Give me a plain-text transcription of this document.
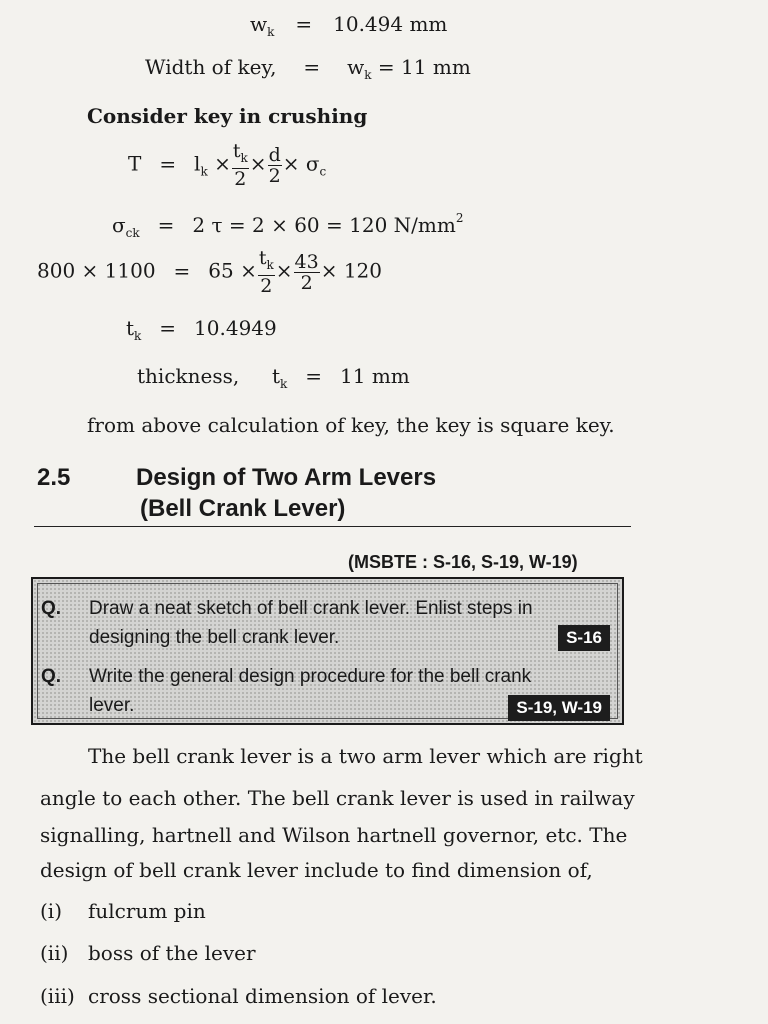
$w_k = 10.494$ mm
Width of key, = $w_k = 11$ mm
Consider key in crushing
$T = l_k \times \frac{t_k}{2} \times \frac{d}{2} \times \sigma_c$
$\sigma_{ck} = 2$ τ = 2 × 60 = 120 $N/mm^2$
$800 \times 1100 = 65 \times \frac{t_k}{2} \times \frac{43}{2} \times 120$
$t_k = 10.4949$
thickness,  $t_k = 11$ mm
from above calculation of key, the key is square key.
2.5	Design of Two Arm Levers
(Bell Crank Lever)
(MSBTE : S-16, S-19, W-19)
Q. Draw a neat sketch of bell crank lever. Enlist steps in
designing the bell crank lever.	S-16
Q. Write the general design procedure for the bell crank
lever.	S-19, W-19
The bell crank lever is a two arm lever which are right
angle to each other. The bell crank lever is used in railway
signalling, hartnell and Wilson hartnell governor, etc. The
design of bell crank lever include to find dimension of,
(i) fulcrum pin
(ii) boss of the lever
(iii) cross sectional dimension of lever.
